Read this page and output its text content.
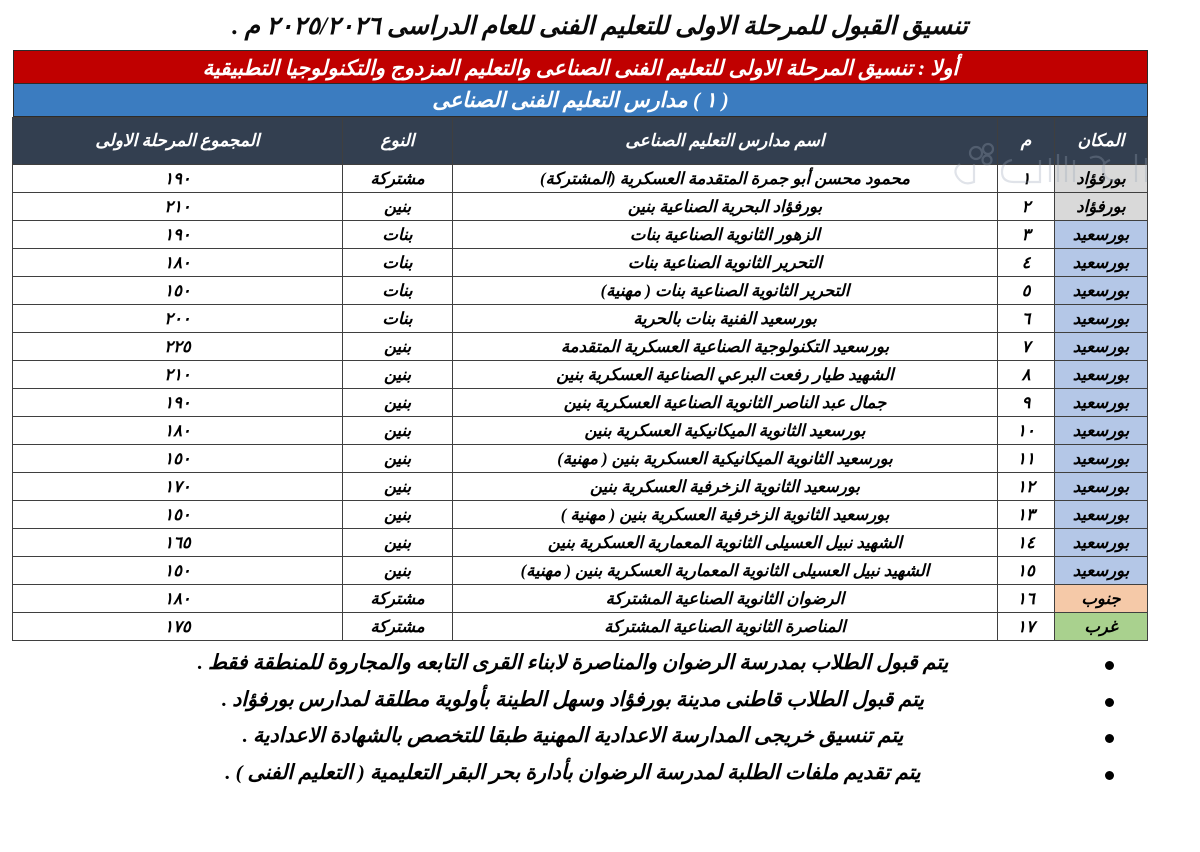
تنسيق القبول للمرحلة الاولى للتعليم الفنى للعام الدراسى ٢٠٢٥/٢٠٢٦ م .
أولا : تنسيق المرحلة الاولى للتعليم الفنى الصناعى والتعليم المزدوج والتكنولوجيا التطبيقية
( ١ ) مدارس التعليم الفنى الصناعى
المكان	م	اسم مدارس التعليم الصناعى	النوع	المجموع المرحلة الاولى
بورفؤاد	١	محمود محسن أبو جمرة المتقدمة العسكرية (المشتركة)	مشتركة	١٩٠
بورفؤاد	٢	بورفؤاد البحرية الصناعية بنين	بنين	٢١٠
بورسعيد	٣	الزهور الثانوية الصناعية بنات	بنات	١٩٠
بورسعيد	٤	التحرير الثانوية الصناعية بنات	بنات	١٨٠
بورسعيد	٥	التحرير الثانوية الصناعية بنات ( مهنية)	بنات	١٥٠
بورسعيد	٦	بورسعيد الفنية بنات بالحرية	بنات	٢٠٠
بورسعيد	٧	بورسعيد التكنولوجية الصناعية العسكرية المتقدمة	بنين	٢٢٥
بورسعيد	٨	الشهيد طيار رفعت البرعي الصناعية العسكرية بنين	بنين	٢١٠
بورسعيد	٩	جمال عبد الناصر الثانوية الصناعية العسكرية بنين	بنين	١٩٠
بورسعيد	١٠	بورسعيد الثانوية الميكانيكية العسكرية بنين	بنين	١٨٠
بورسعيد	١١	بورسعيد الثانوية الميكانيكية العسكرية بنين ( مهنية)	بنين	١٥٠
بورسعيد	١٢	بورسعيد الثانوية الزخرفية العسكرية بنين	بنين	١٧٠
بورسعيد	١٣	بورسعيد الثانوية الزخرفية العسكرية بنين ( مهنية )	بنين	١٥٠
بورسعيد	١٤	الشهيد نبيل العسيلى الثانوية المعمارية العسكرية بنين	بنين	١٦٥
بورسعيد	١٥	الشهيد نبيل العسيلى الثانوية المعمارية العسكرية بنين ( مهنية)	بنين	١٥٠
جنوب	١٦	الرضوان الثانوية الصناعية المشتركة	مشتركة	١٨٠
غرب	١٧	المناصرة الثانوية الصناعية المشتركة	مشتركة	١٧٥
يتم قبول الطلاب بمدرسة الرضوان والمناصرة لابناء القرى التابعه والمجاروة للمنطقة فقط .
يتم قبول الطلاب قاطنى مدينة بورفؤاد وسهل الطينة بأولوية مطلقة لمدارس بورفؤاد .
يتم تنسيق خريجى المدارسة الاعدادية المهنية طبقا للتخصص بالشهادة الاعدادية .
يتم تقديم ملفات الطلبة لمدرسة الرضوان بأدارة بحر البقر التعليمية ( التعليم الفنى ) .
